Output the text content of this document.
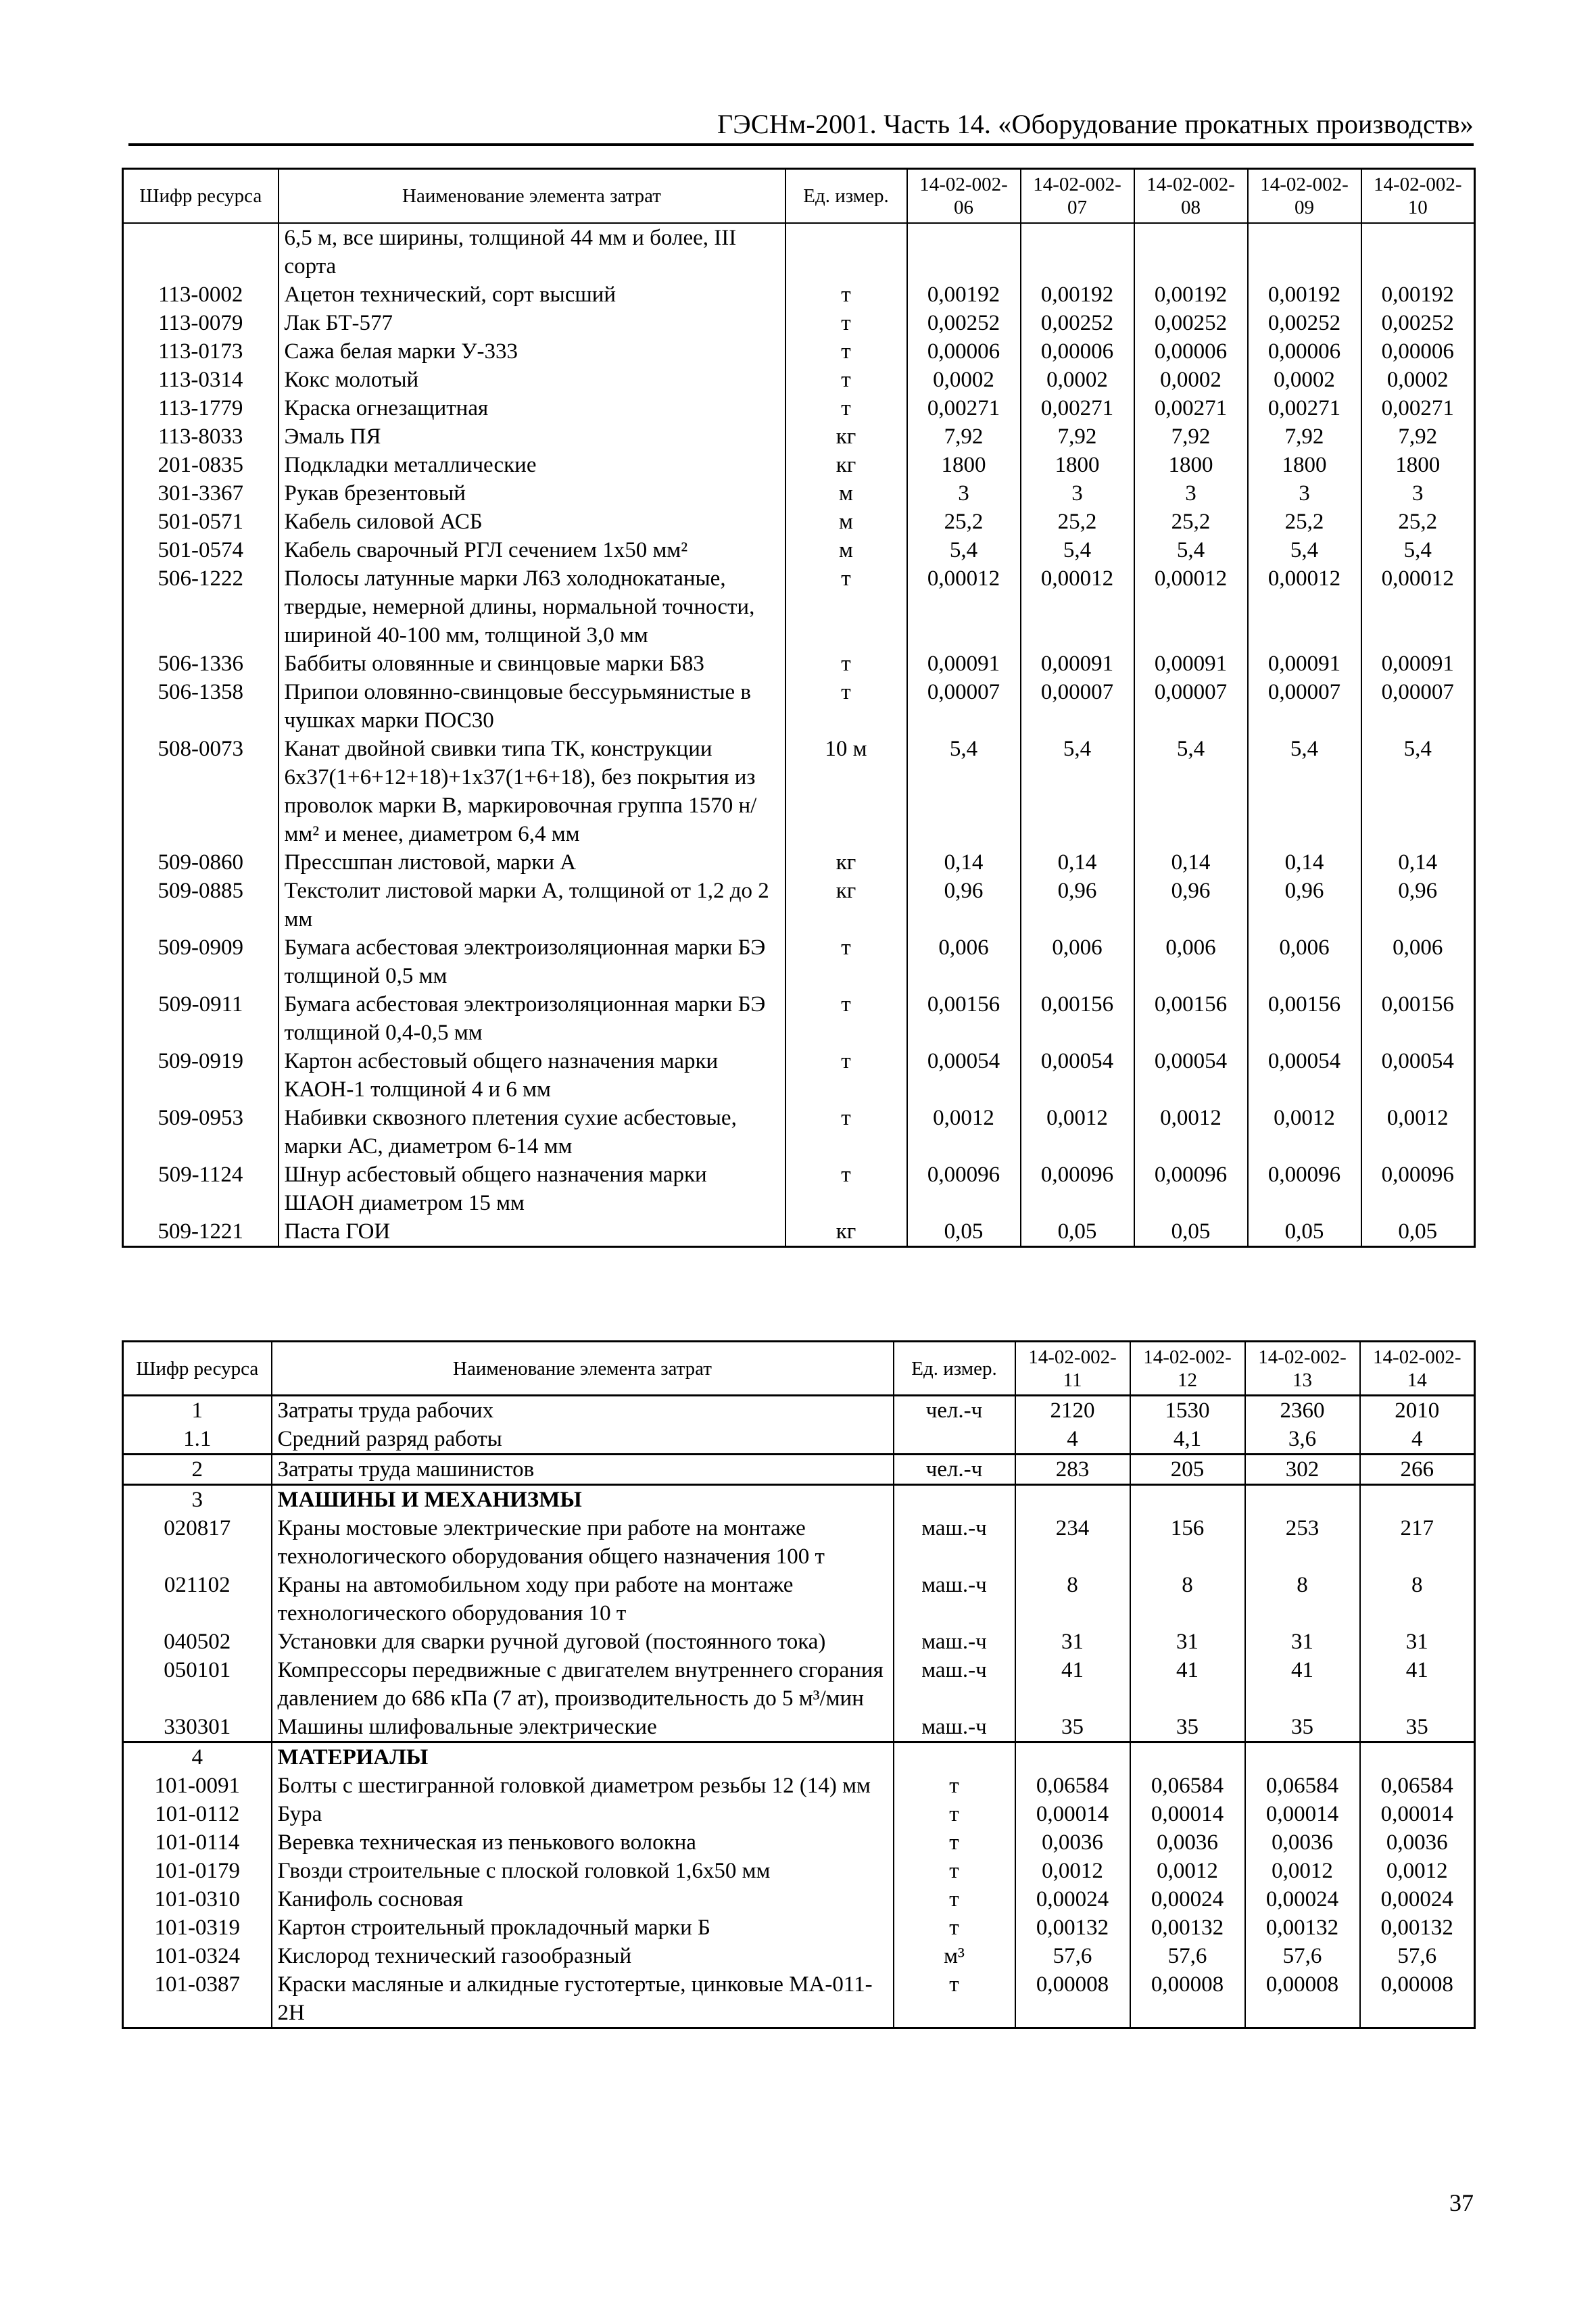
ГЭСНм-2001. Часть 14. «Оборудование прокатных производств»
Шифр ресурса	Наименование элемента затрат	Ед. измер.	14-02-002-06	14-02-002-07	14-02-002-08	14-02-002-09	14-02-002-10
	6,5 м, все ширины, толщиной 44 мм и более, III сорта						
113-0002	Ацетон технический, сорт высший	т	0,00192	0,00192	0,00192	0,00192	0,00192
113-0079	Лак БТ-577	т	0,00252	0,00252	0,00252	0,00252	0,00252
113-0173	Сажа белая марки У-333	т	0,00006	0,00006	0,00006	0,00006	0,00006
113-0314	Кокс молотый	т	0,0002	0,0002	0,0002	0,0002	0,0002
113-1779	Краска огнезащитная	т	0,00271	0,00271	0,00271	0,00271	0,00271
113-8033	Эмаль ПЯ	кг	7,92	7,92	7,92	7,92	7,92
201-0835	Подкладки металлические	кг	1800	1800	1800	1800	1800
301-3367	Рукав брезентовый	м	3	3	3	3	3
501-0571	Кабель силовой АСБ	м	25,2	25,2	25,2	25,2	25,2
501-0574	Кабель сварочный РГЛ сечением 1х50 мм²	м	5,4	5,4	5,4	5,4	5,4
506-1222	Полосы латунные марки Л63 холоднокатаные, твердые, немерной длины, нормальной точности, шириной 40-100 мм, толщиной 3,0 мм	т	0,00012	0,00012	0,00012	0,00012	0,00012
506-1336	Баббиты оловянные и свинцовые марки Б83	т	0,00091	0,00091	0,00091	0,00091	0,00091
506-1358	Припои оловянно-свинцовые бессурьмянистые в чушках марки ПОС30	т	0,00007	0,00007	0,00007	0,00007	0,00007
508-0073	Канат двойной свивки типа ТК, конструкции 6х37(1+6+12+18)+1х37(1+6+18), без покрытия из проволок марки В, маркировочная группа 1570 н/мм² и менее, диаметром 6,4 мм	10 м	5,4	5,4	5,4	5,4	5,4
509-0860	Прессшпан листовой, марки А	кг	0,14	0,14	0,14	0,14	0,14
509-0885	Текстолит листовой марки А, толщиной от 1,2 до 2 мм	кг	0,96	0,96	0,96	0,96	0,96
509-0909	Бумага асбестовая электроизоляционная марки БЭ толщиной 0,5 мм	т	0,006	0,006	0,006	0,006	0,006
509-0911	Бумага асбестовая электроизоляционная марки БЭ толщиной 0,4-0,5 мм	т	0,00156	0,00156	0,00156	0,00156	0,00156
509-0919	Картон асбестовый общего назначения марки КАОН-1 толщиной 4 и 6 мм	т	0,00054	0,00054	0,00054	0,00054	0,00054
509-0953	Набивки сквозного плетения сухие асбестовые, марки АС, диаметром 6-14 мм	т	0,0012	0,0012	0,0012	0,0012	0,0012
509-1124	Шнур асбестовый общего назначения марки ШАОН диаметром 15 мм	т	0,00096	0,00096	0,00096	0,00096	0,00096
509-1221	Паста ГОИ	кг	0,05	0,05	0,05	0,05	0,05
Шифр ресурса	Наименование элемента затрат	Ед. измер.	14-02-002-11	14-02-002-12	14-02-002-13	14-02-002-14
1	Затраты труда рабочих	чел.-ч	2120	1530	2360	2010
1.1	Средний разряд работы		4	4,1	3,6	4
2	Затраты труда машинистов	чел.-ч	283	205	302	266
3	МАШИНЫ И МЕХАНИЗМЫ					
020817	Краны мостовые электрические при работе на монтаже технологического оборудования общего назначения 100 т	маш.-ч	234	156	253	217
021102	Краны на автомобильном ходу при работе на монтаже технологического оборудования 10 т	маш.-ч	8	8	8	8
040502	Установки для сварки ручной дуговой (постоянного тока)	маш.-ч	31	31	31	31
050101	Компрессоры передвижные с двигателем внутреннего сгорания давлением до 686 кПа (7 ат), производительность до 5 м³/мин	маш.-ч	41	41	41	41
330301	Машины шлифовальные электрические	маш.-ч	35	35	35	35
4	МАТЕРИАЛЫ					
101-0091	Болты с шестигранной головкой диаметром резьбы 12 (14) мм	т	0,06584	0,06584	0,06584	0,06584
101-0112	Бура	т	0,00014	0,00014	0,00014	0,00014
101-0114	Веревка техническая из пенькового волокна	т	0,0036	0,0036	0,0036	0,0036
101-0179	Гвозди строительные с плоской головкой 1,6х50 мм	т	0,0012	0,0012	0,0012	0,0012
101-0310	Канифоль сосновая	т	0,00024	0,00024	0,00024	0,00024
101-0319	Картон строительный прокладочный марки Б	т	0,00132	0,00132	0,00132	0,00132
101-0324	Кислород технический газообразный	м³	57,6	57,6	57,6	57,6
101-0387	Краски масляные и алкидные густотертые, цинковые МА-011-2Н	т	0,00008	0,00008	0,00008	0,00008
37
